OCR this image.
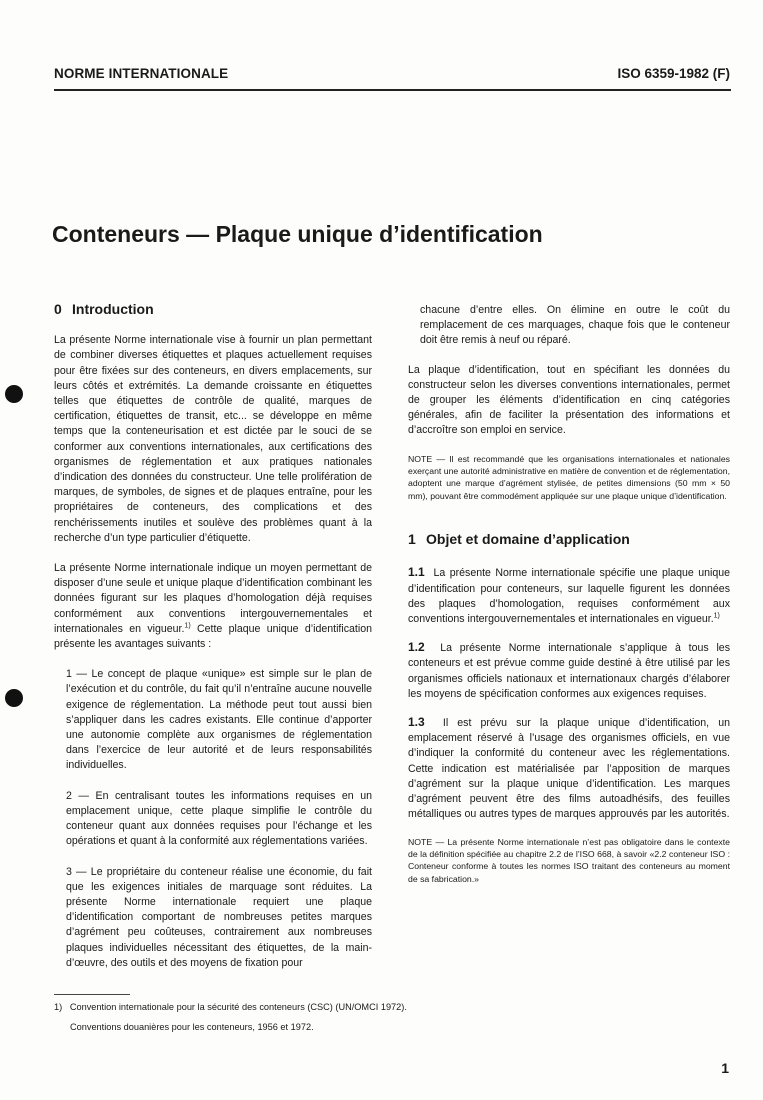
NORME INTERNATIONALE	ISO 6359-1982 (F)
Conteneurs — Plaque unique d’identification
0 Introduction

La présente Norme internationale vise à fournir un plan permettant de combiner diverses étiquettes et plaques actuellement requises pour être fixées sur des conteneurs, en divers emplacements, sur leurs côtés et extrémités. La demande croissante en étiquettes telles que étiquettes de contrôle de qualité, marques de certification, étiquettes de transit, etc... se développe en même temps que la conteneurisation et est dictée par le souci de se conformer aux conventions internationales, aux certifications des organismes de réglementation et aux pratiques nationales d’indication des données du constructeur. Une telle prolifération de marques, de symboles, de signes et de plaques entraîne, pour les propriétaires de conteneurs, des complications et des renchérissements inutiles et soulève des problèmes quant à la recherche d’un type particulier d’étiquette.

La présente Norme internationale indique un moyen permettant de disposer d’une seule et unique plaque d’identification combinant les données figurant sur les plaques d’homologation déjà requises conformément aux conventions intergouvernementales et internationales en vigueur.$^{1)}$ Cette plaque unique d’identification présente les avantages suivants :

1 — Le concept de plaque «unique» est simple sur le plan de l’exécution et du contrôle, du fait qu’il n’entraîne aucune nouvelle exigence de réglementation. La méthode peut tout aussi bien s’appliquer dans les cadres existants. Elle continue d’apporter une autonomie complète aux organismes de réglementation dans l’exercice de leur autorité et de leurs responsabilités individuelles.

2 — En centralisant toutes les informations requises en un emplacement unique, cette plaque simplifie le contrôle du conteneur quant aux données requises pour l’échange et les opérations et quant à la conformité aux réglementations variées.

3 — Le propriétaire du conteneur réalise une économie, du fait que les exigences initiales de marquage sont réduites. La présente Norme internationale requiert une plaque d’identification comportant de nombreuses petites marques d’agrément peu coûteuses, contrairement aux nombreuses plaques individuelles nécessitant des étiquettes, de la main-d’œuvre, des outils et des moyens de fixation pour

chacune d’entre elles. On élimine en outre le coût du remplacement de ces marquages, chaque fois que le conteneur doit être remis à neuf ou réparé.

La plaque d’identification, tout en spécifiant les données du constructeur selon les diverses conventions internationales, permet de grouper les éléments d’identification en cinq catégories générales, afin de faciliter la présentation des informations et d’accroître son emploi en service.

NOTE — Il est recommandé que les organisations internationales et nationales exerçant une autorité administrative en matière de convention et de réglementation, adoptent une marque d’agrément stylisée, de petites dimensions (50 mm × 50 mm), pouvant être commodément appliquée sur une plaque unique d’identification.

1 Objet et domaine d’application

1.1 La présente Norme internationale spécifie une plaque unique d’identification pour conteneurs, sur laquelle figurent les données des plaques d’homologation, requises conformément aux conventions intergouvernementales et internationales en vigueur.$^{1)}$

1.2 La présente Norme internationale s’applique à tous les conteneurs et est prévue comme guide destiné à être utilisé par les organismes officiels nationaux et internationaux chargés d’élaborer les moyens de spécification conformes aux exigences requises.

1.3 Il est prévu sur la plaque unique d’identification, un emplacement réservé à l’usage des organismes officiels, en vue d’indiquer la conformité du conteneur avec les réglementations. Cette indication est matérialisée par l’apposition de marques d’agrément sur la plaque unique d’identification. Les marques d’agrément peuvent être des films autoadhésifs, des feuilles métalliques ou autres types de marques approuvés par les autorités.

NOTE — La présente Norme internationale n’est pas obligatoire dans le contexte de la définition spécifiée au chapitre 2.2 de l’ISO 668, à savoir «2.2 conteneur ISO : Conteneur conforme à toutes les normes ISO traitant des conteneurs au moment de sa fabrication.»

1) Convention internationale pour la sécurité des conteneurs (CSC) (UN/OMCI 1972).
Conventions douanières pour les conteneurs, 1956 et 1972.
1
